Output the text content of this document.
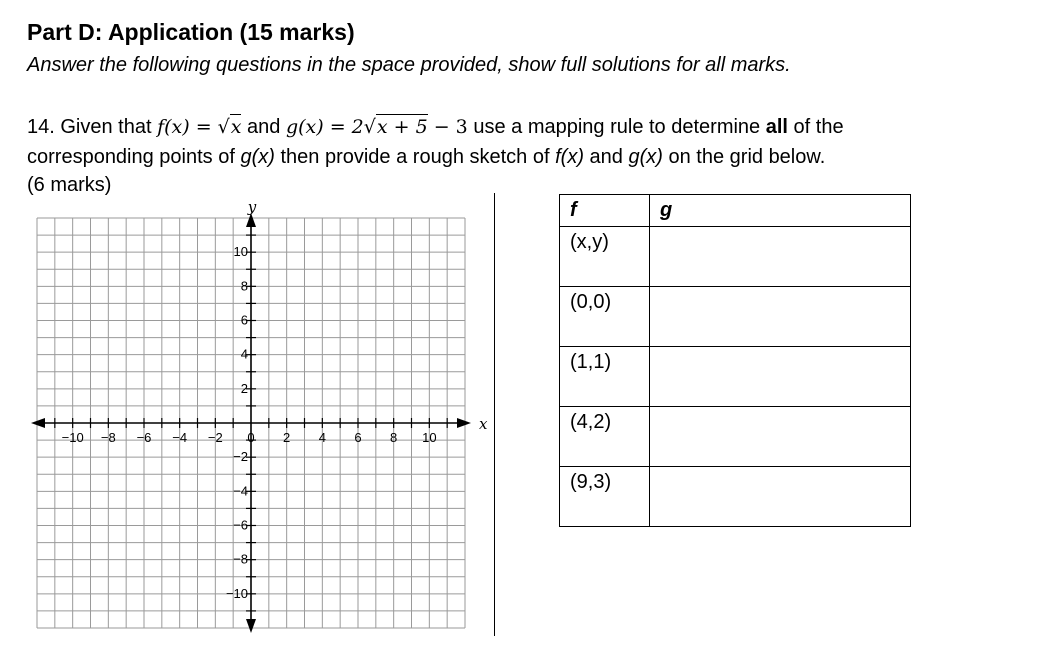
Part D: Application (15 marks)
Answer the following questions in the space provided, show full solutions for all marks.
14. Given that f(x) = √x and g(x) = 2√x + 5 − 3 use a mapping rule to determine all of the
corresponding points of g(x) then provide a rough sketch of f(x) and g(x) on the grid below.
(6 marks)
−10 −8 −6 −4 −2 0 2 4 6 8 10
10
8
6
4
2
−2
−4
−6
−8
−10
x
y	f	g
(x,y)	
(0,0)	
(1,1)	
(4,2)	
(9,3)	
